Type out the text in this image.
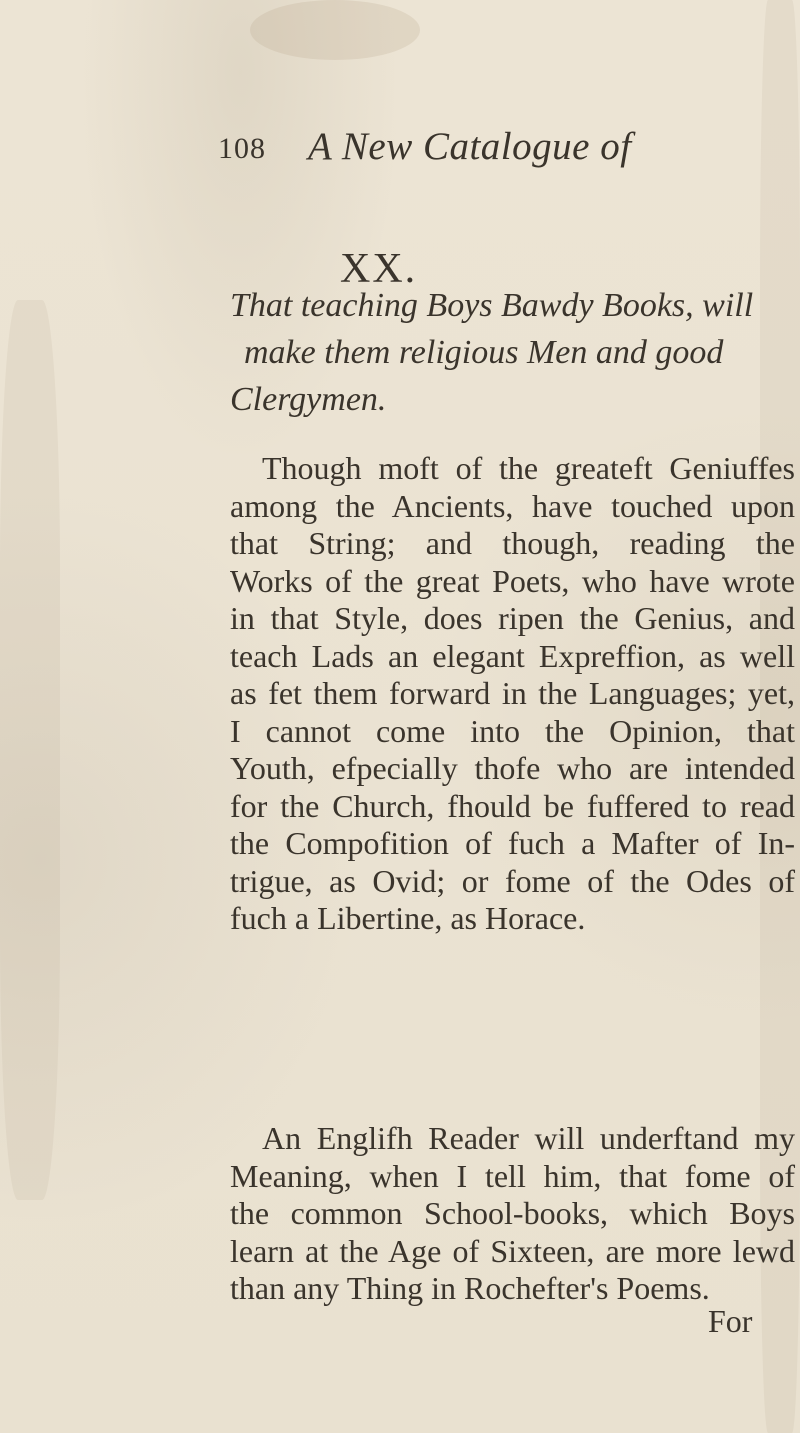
108 A New Catalogue of
XX.
That teaching Boys Bawdy Books, will
make them religious Men and good
Clergymen.
Though moft of the greateft Geniuffes
among the Ancients, have touched upon
that String; and though, reading the
Works of the great Poets, who have wrote
in that Style, does ripen the Genius, and
teach Lads an elegant Expreffion, as well
as fet them forward in the Languages; yet,
I cannot come into the Opinion, that
Youth, efpecially thofe who are intended
for the Church, fhould be fuffered to read
the Compofition of fuch a Mafter of In-
trigue, as Ovid; or fome of the Odes of
fuch a Libertine, as Horace.
An Englifh Reader will underftand my
Meaning, when I tell him, that fome of
the common School-books, which Boys
learn at the Age of Sixteen, are more lewd
than any Thing in Rochefter's Poems.
For
